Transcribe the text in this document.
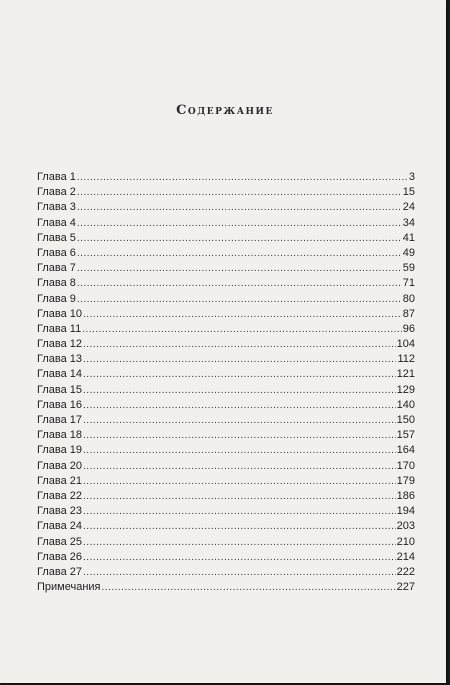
Содержание
Глава 1 .....	3
Глава 2 .....	15
Глава 3 .....	24
Глава 4 .....	34
Глава 5 .....	41
Глава 6 .....	49
Глава 7 .....	59
Глава 8 .....	71
Глава 9 .....	80
Глава 10 .....	87
Глава 11 .....	96
Глава 12 .....	104
Глава 13 .....	112
Глава 14 .....	121
Глава 15 .....	129
Глава 16 .....	140
Глава 17 .....	150
Глава 18 .....	157
Глава 19 .....	164
Глава 20 .....	170
Глава 21 .....	179
Глава 22 .....	186
Глава 23 .....	194
Глава 24 .....	203
Глава 25 .....	210
Глава 26 .....	214
Глава 27 .....	222
Примечания .....	227
